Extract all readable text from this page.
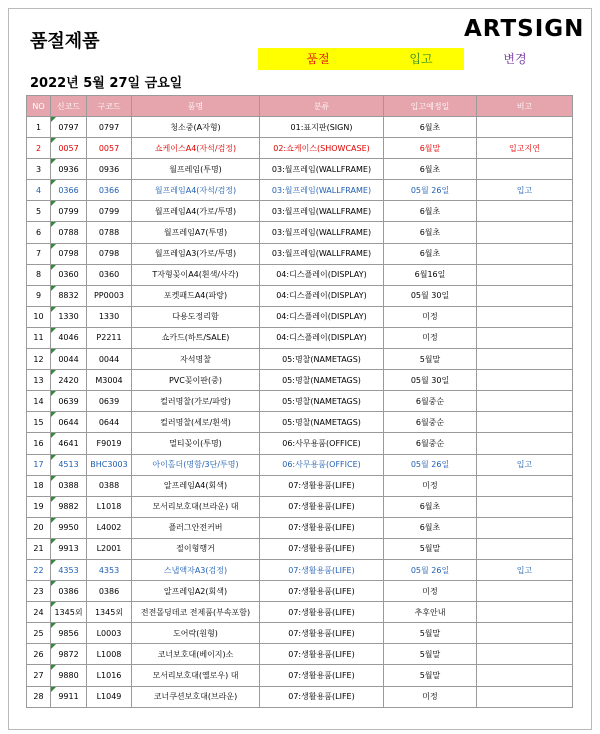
품절제품	ARTSIGN
품절	입고	변경
2022년 5월 27일 금요일
NO	신코드	구코드	품명	분류	입고예정일	비고
1	0797	0797	청소중(A자형)	01:표지판(SIGN)	6월초	
2	0057	0057	쇼케이스A4(자석/검정)	02:쇼케이스(SHOWCASE)	6월말	입고지연
3	0936	0936	월프레임(투명)	03:월프레임(WALLFRAME)	6월초	
4	0366	0366	월프레임A4(자석/검정)	03:월프레임(WALLFRAME)	05월 26일	입고
5	0799	0799	월프레임A4(가로/투명)	03:월프레임(WALLFRAME)	6월초	
6	0788	0788	월프레임A7(투명)	03:월프레임(WALLFRAME)	6월초	
7	0798	0798	월프레임A3(가로/투명)	03:월프레임(WALLFRAME)	6월초	
8	0360	0360	T자형꽂이A4(흰색/사각)	04:디스플레이(DISPLAY)	6월16일	
9	8832	PP0003	포켓패드A4(파랑)	04:디스플레이(DISPLAY)	05월 30일	
10	1330	1330	다용도정리함	04:디스플레이(DISPLAY)	미정	
11	4046	P2211	쇼카드(하트/SALE)	04:디스플레이(DISPLAY)	미정	
12	0044	0044	자석명찰	05:명찰(NAMETAGS)	5월말	
13	2420	M3004	PVC꽂이판(중)	05:명찰(NAMETAGS)	05월 30일	
14	0639	0639	컬러명찰(가로/파랑)	05:명찰(NAMETAGS)	6월중순	
15	0644	0644	컬러명찰(세로/흰색)	05:명찰(NAMETAGS)	6월중순	
16	4641	F9019	멀티꽂이(투명)	06:사무용품(OFFICE)	6월중순	
17	4513	BHC3003	아이홀더(명함/3단/투명)	06:사무용품(OFFICE)	05월 26일	입고
18	0388	0388	알프레임A4(회색)	07:생활용품(LIFE)	미정	
19	9882	L1018	모서리보호대(브라운) 대	07:생활용품(LIFE)	6월초	
20	9950	L4002	플러그안전커버	07:생활용품(LIFE)	6월초	
21	9913	L2001	절이형행거	07:생활용품(LIFE)	5월말	
22	4353	4353	스냅액자A3(검정)	07:생활용품(LIFE)	05월 26일	입고
23	0386	0386	알프레임A2(회색)	07:생활용품(LIFE)	미정	
24	1345외	1345외	전전몰딩데코 전제품(부속포함)	07:생활용품(LIFE)	추후안내	
25	9856	L0003	도어락(원형)	07:생활용품(LIFE)	5월말	
26	9872	L1008	코너보호대(베이지)소	07:생활용품(LIFE)	5월말	
27	9880	L1016	모서리보호대(옐로우) 대	07:생활용품(LIFE)	5월말	
28	9911	L1049	코너쿠션보호대(브라운)	07:생활용품(LIFE)	미정	
